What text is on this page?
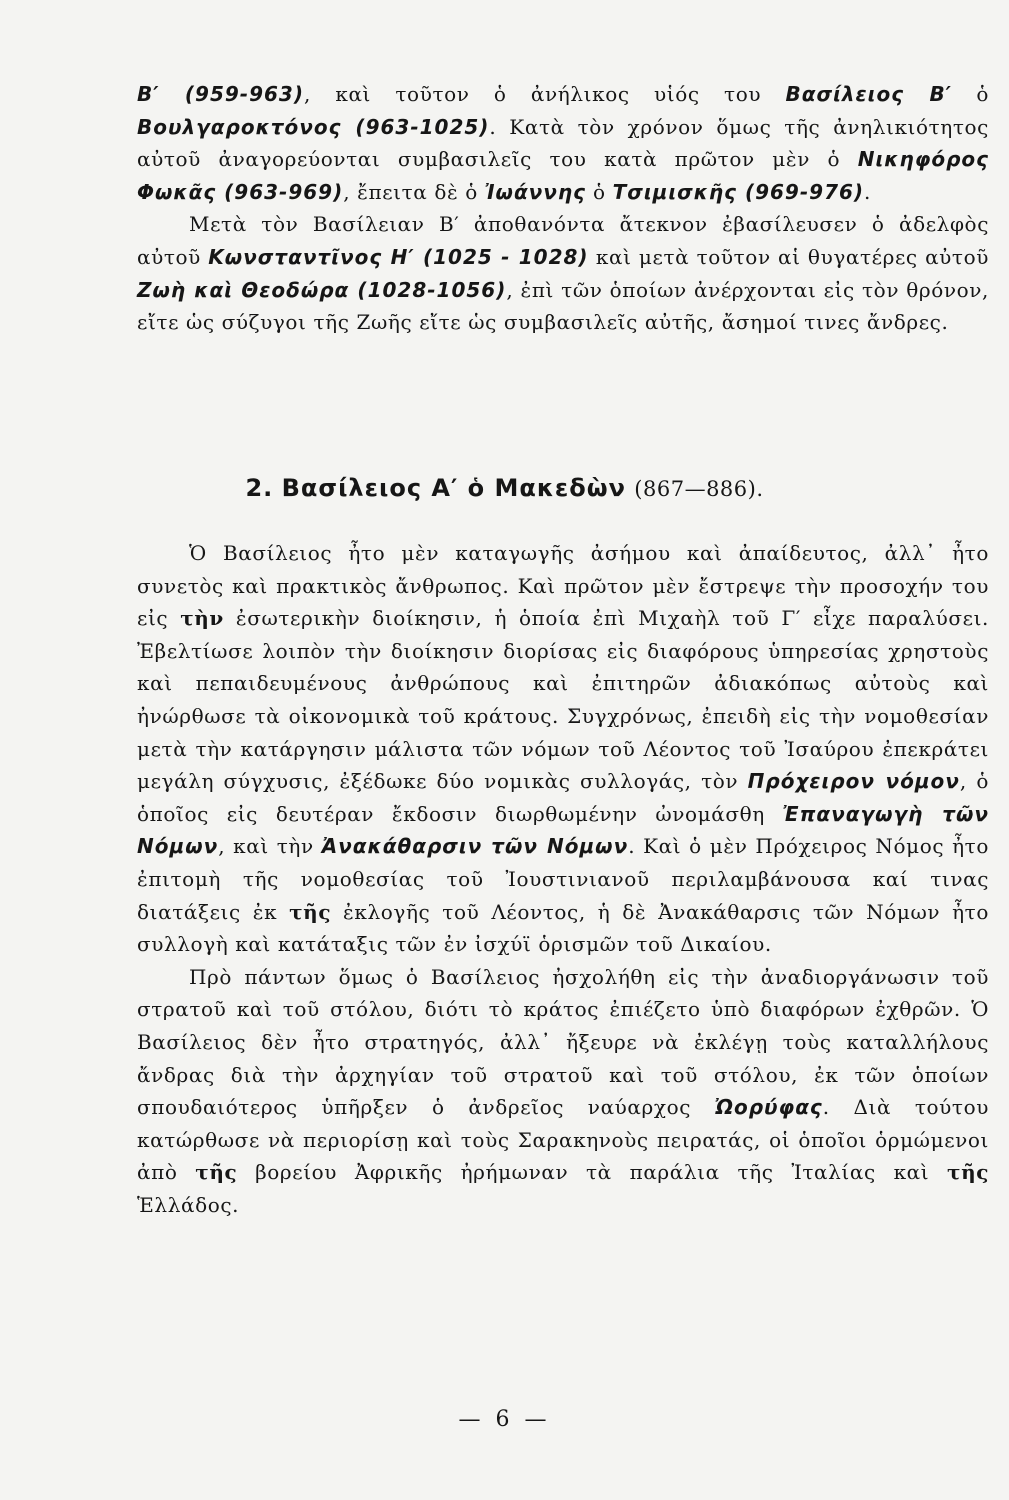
Β′ (959-963), καὶ τοῦτον ὁ ἀνήλικος υἱός του Βασίλειος Β′ ὁ Βουλγαροκτόνος (963-1025). Κατὰ τὸν χρόνον ὅμως τῆς ἀνηλικιότητος αὐτοῦ ἀναγορεύονται συμβασιλεῖς του κατὰ πρῶτον μὲν ὁ Νικηφόρος Φωκᾶς (963-969), ἔπειτα δὲ ὁ Ἰωάννης ὁ Τσιμισκῆς (969-976).

Μετὰ τὸν Βασίλειαν Β′ ἀποθανόντα ἄτεκνον ἐβασίλευσεν ὁ ἀδελφὸς αὐτοῦ Κωνσταντῖνος Η′ (1025 - 1028) καὶ μετὰ τοῦτον αἱ θυγατέρες αὐτοῦ Ζωὴ καὶ Θεοδώρα (1028-1056), ἐπὶ τῶν ὁποίων ἀνέρχονται εἰς τὸν θρόνον, εἴτε ὡς σύζυγοι τῆς Ζωῆς εἴτε ὡς συμβασιλεῖς αὐτῆς, ἄσημοί τινες ἄνδρες.

2. Βασίλειος Α′ ὁ Μακεδὼν (867—886).

Ὁ Βασίλειος ἦτο μὲν καταγωγῆς ἀσήμου καὶ ἀπαίδευτος, ἀλλ᾽ ἦτο συνετὸς καὶ πρακτικὸς ἄνθρωπος. Καὶ πρῶτον μὲν ἔστρεψε τὴν προσοχήν του εἰς τὴν ἐσωτερικὴν διοίκησιν, ἡ ὁποία ἐπὶ Μιχαὴλ τοῦ Γ′ εἶχε παραλύσει. Ἐβελτίωσε λοιπὸν τὴν διοίκησιν διορίσας εἰς διαφόρους ὑπηρεσίας χρηστοὺς καὶ πεπαιδευμένους ἀνθρώπους καὶ ἐπιτηρῶν ἀδιακόπως αὐτοὺς καὶ ἠνώρθωσε τὰ οἰκονομικὰ τοῦ κράτους. Συγχρόνως, ἐπειδὴ εἰς τὴν νομοθεσίαν μετὰ τὴν κατάργησιν μάλιστα τῶν νόμων τοῦ Λέοντος τοῦ Ἰσαύρου ἐπεκράτει μεγάλη σύγχυσις, ἐξέδωκε δύο νομικὰς συλλογάς, τὸν Πρόχειρον νόμον, ὁ ὁποῖος εἰς δευτέραν ἔκδοσιν διωρθωμένην ὠνομάσθη Ἐπαναγωγὴ τῶν Νόμων, καὶ τὴν Ἀνακάθαρσιν τῶν Νόμων. Καὶ ὁ μὲν Πρόχειρος Νόμος ἦτο ἐπιτομὴ τῆς νομοθεσίας τοῦ Ἰουστινιανοῦ περιλαμβάνουσα καί τινας διατάξεις ἐκ τῆς ἐκλογῆς τοῦ Λέοντος, ἡ δὲ Ἀνακάθαρσις τῶν Νόμων ἦτο συλλογὴ καὶ κατάταξις τῶν ἐν ἰσχύϊ ὁρισμῶν τοῦ Δικαίου.

Πρὸ πάντων ὅμως ὁ Βασίλειος ἠσχολήθη εἰς τὴν ἀναδιοργάνωσιν τοῦ στρατοῦ καὶ τοῦ στόλου, διότι τὸ κράτος ἐπιέζετο ὑπὸ διαφόρων ἐχθρῶν. Ὁ Βασίλειος δὲν ἦτο στρατηγός, ἀλλ᾽ ἤξευρε νὰ ἐκλέγῃ τοὺς καταλλήλους ἄνδρας διὰ τὴν ἀρχηγίαν τοῦ στρατοῦ καὶ τοῦ στόλου, ἐκ τῶν ὁποίων σπουδαιότερος ὑπῆρξεν ὁ ἀνδρεῖος ναύαρχος Ὠορύφας. Διὰ τούτου κατώρθωσε νὰ περιορίσῃ καὶ τοὺς Σαρακηνοὺς πειρατάς, οἱ ὁποῖοι ὁρμώμενοι ἀπὸ τῆς βορείου Ἀφρικῆς ἠρήμωναν τὰ παράλια τῆς Ἰταλίας καὶ τῆς Ἑλλάδος.

— 6 —
